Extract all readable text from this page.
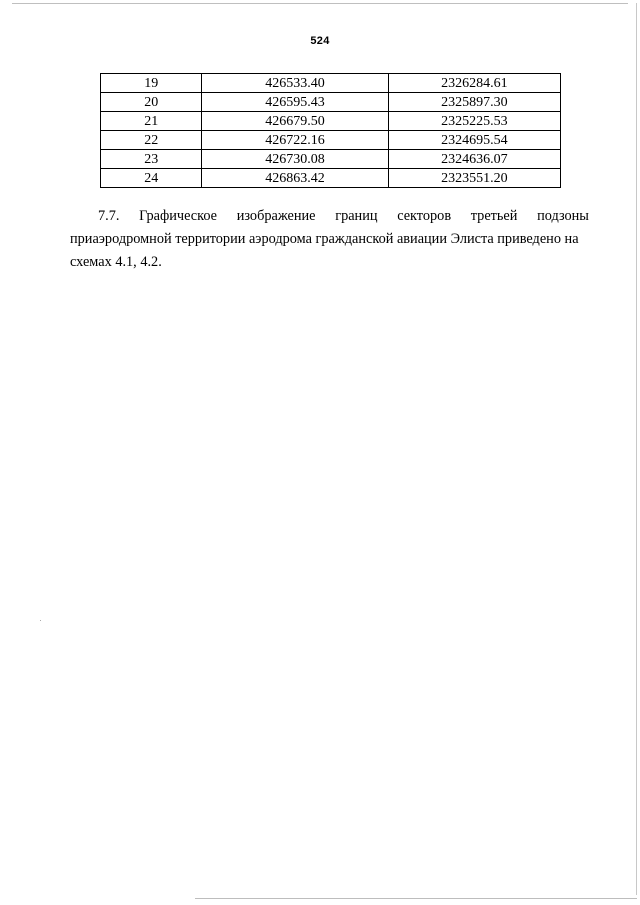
524
19	426533.40	2326284.61
20	426595.43	2325897.30
21	426679.50	2325225.53
22	426722.16	2324695.54
23	426730.08	2324636.07
24	426863.42	2323551.20
7.7. Графическое изображение границ секторов третьей подзоны
приаэродромной территории аэродрома гражданской авиации Элиста приведено на
схемах 4.1, 4.2.
